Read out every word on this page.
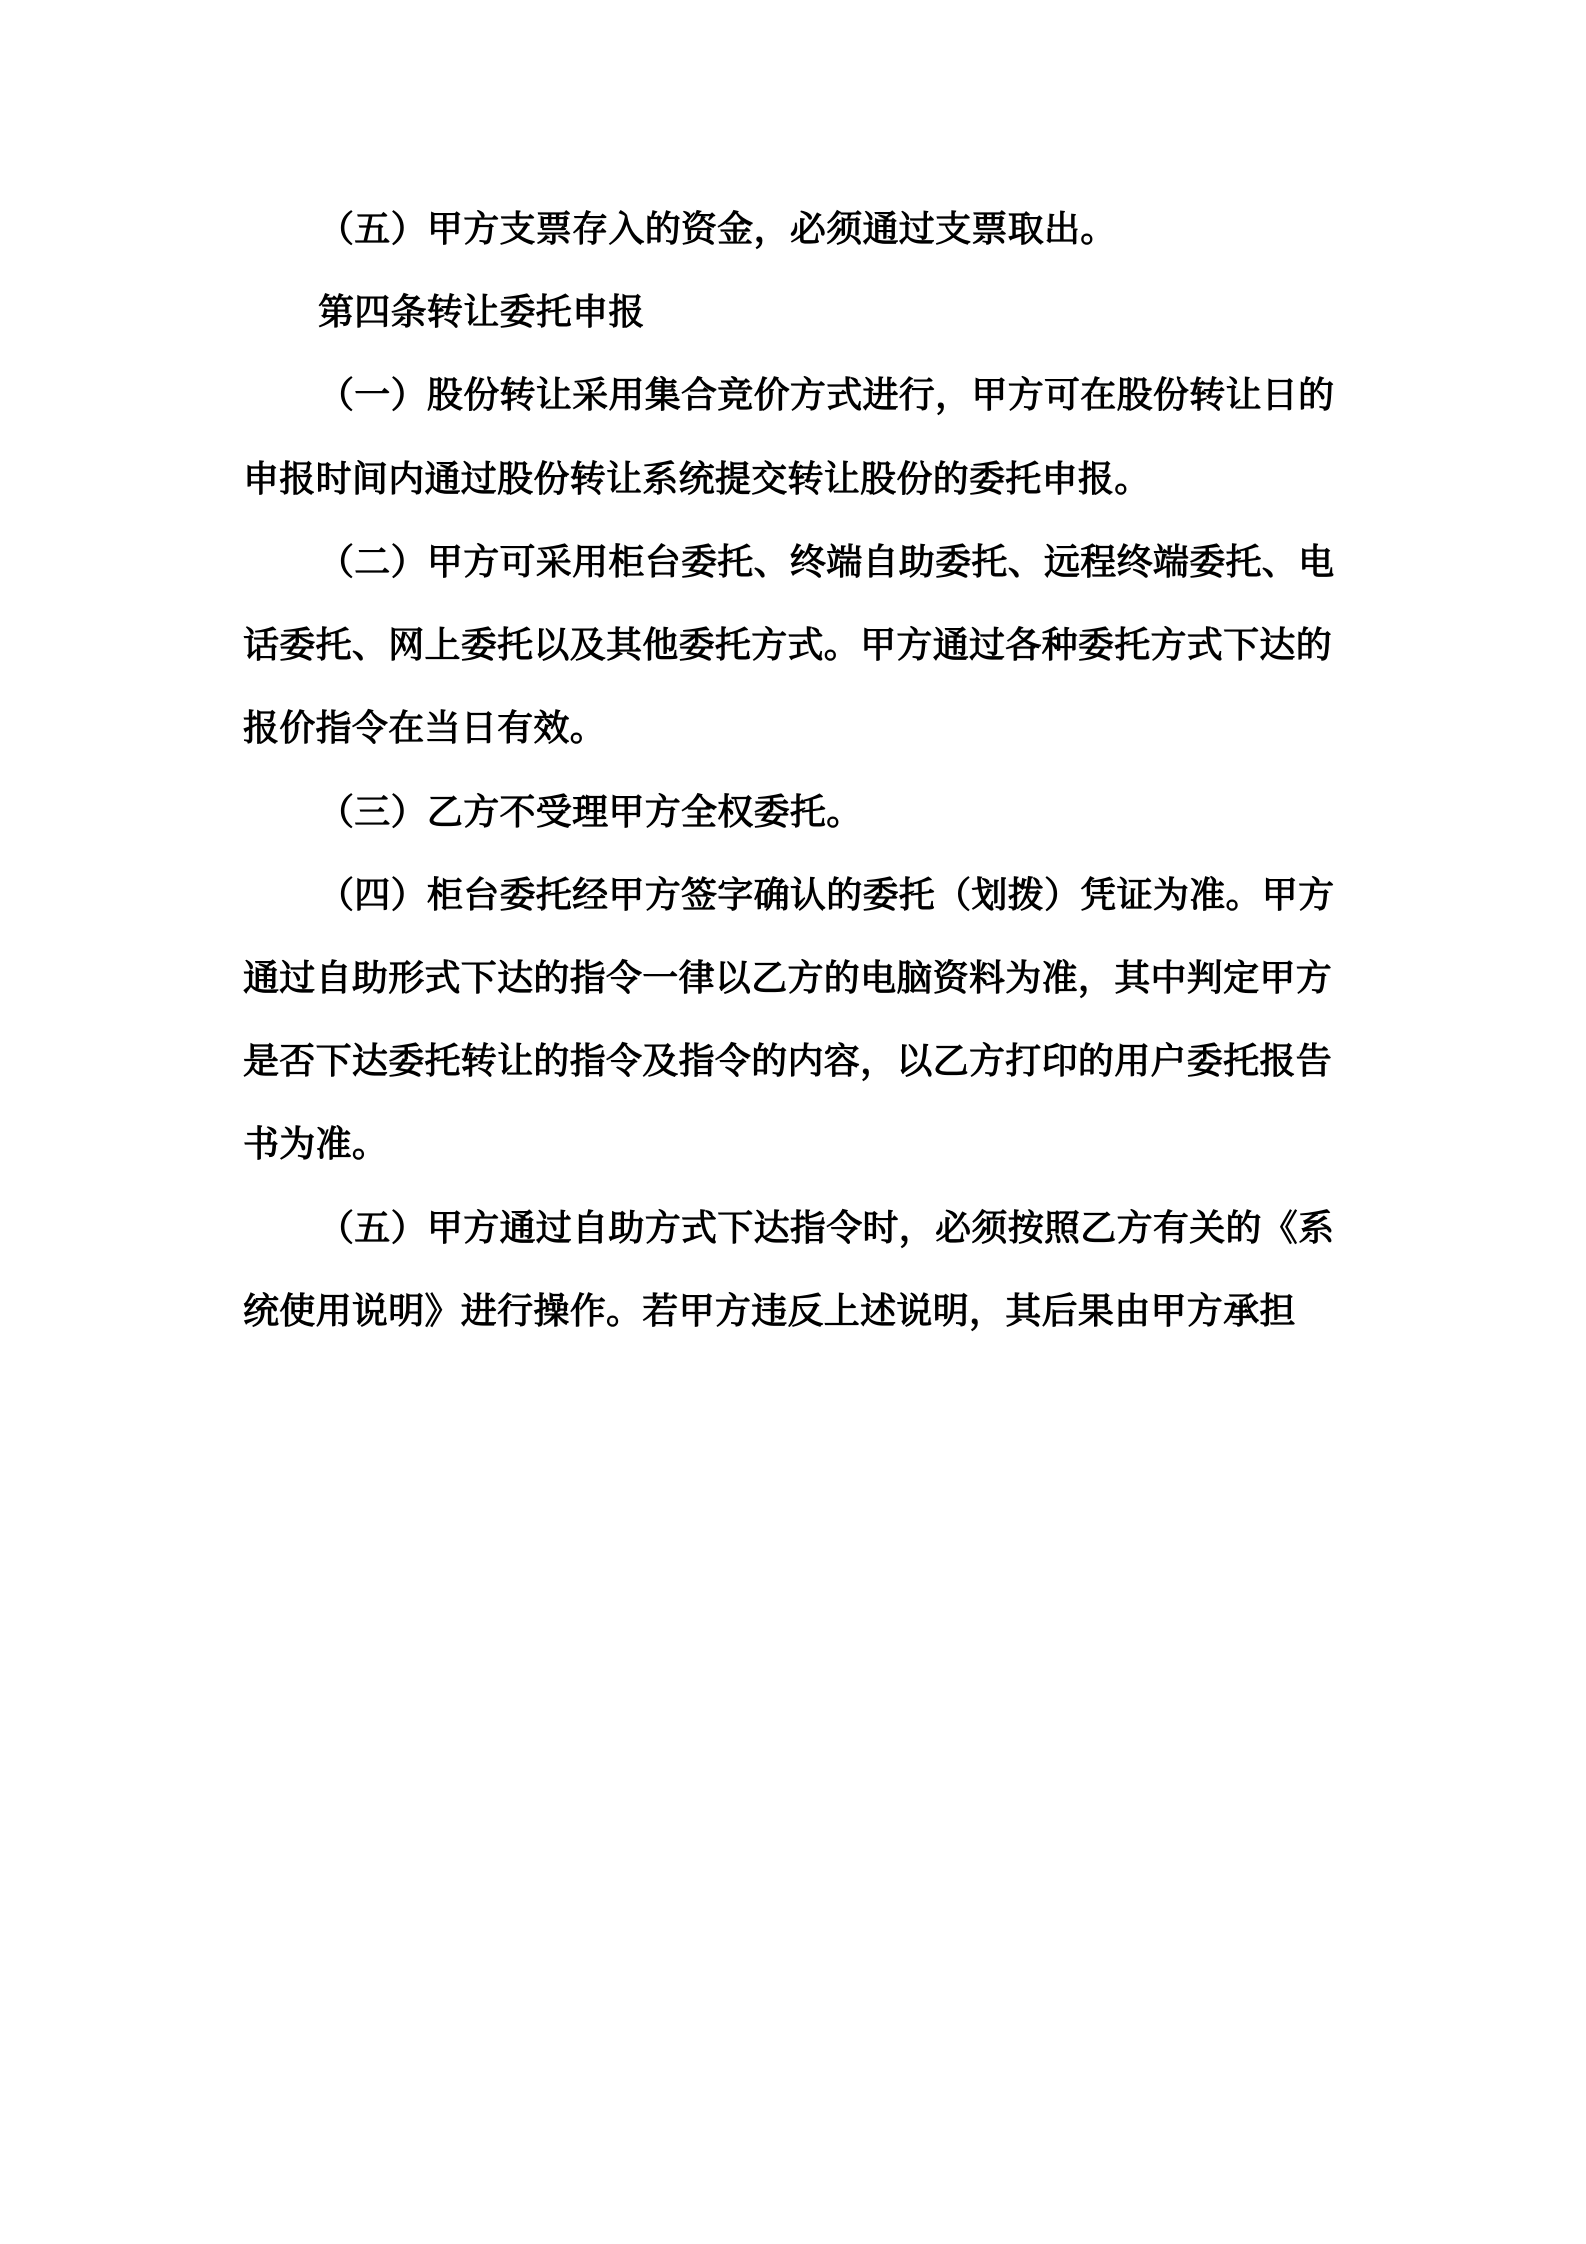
（五）甲方支票存入的资金，必须通过支票取出。
第四条转让委托申报
（一）股份转让采用集合竞价方式进行，甲方可在股份转让日的
申报时间内通过股份转让系统提交转让股份的委托申报。
（二）甲方可采用柜台委托、终端自助委托、远程终端委托、电
话委托、网上委托以及其他委托方式。甲方通过各种委托方式下达的
报价指令在当日有效。
（三）乙方不受理甲方全权委托。
（四）柜台委托经甲方签字确认的委托（划拨）凭证为准。甲方
通过自助形式下达的指令一律以乙方的电脑资料为准，其中判定甲方
是否下达委托转让的指令及指令的内容，以乙方打印的用户委托报告
书为准。
（五）甲方通过自助方式下达指令时，必须按照乙方有关的《系
统使用说明》进行操作。若甲方违反上述说明，其后果由甲方承担
